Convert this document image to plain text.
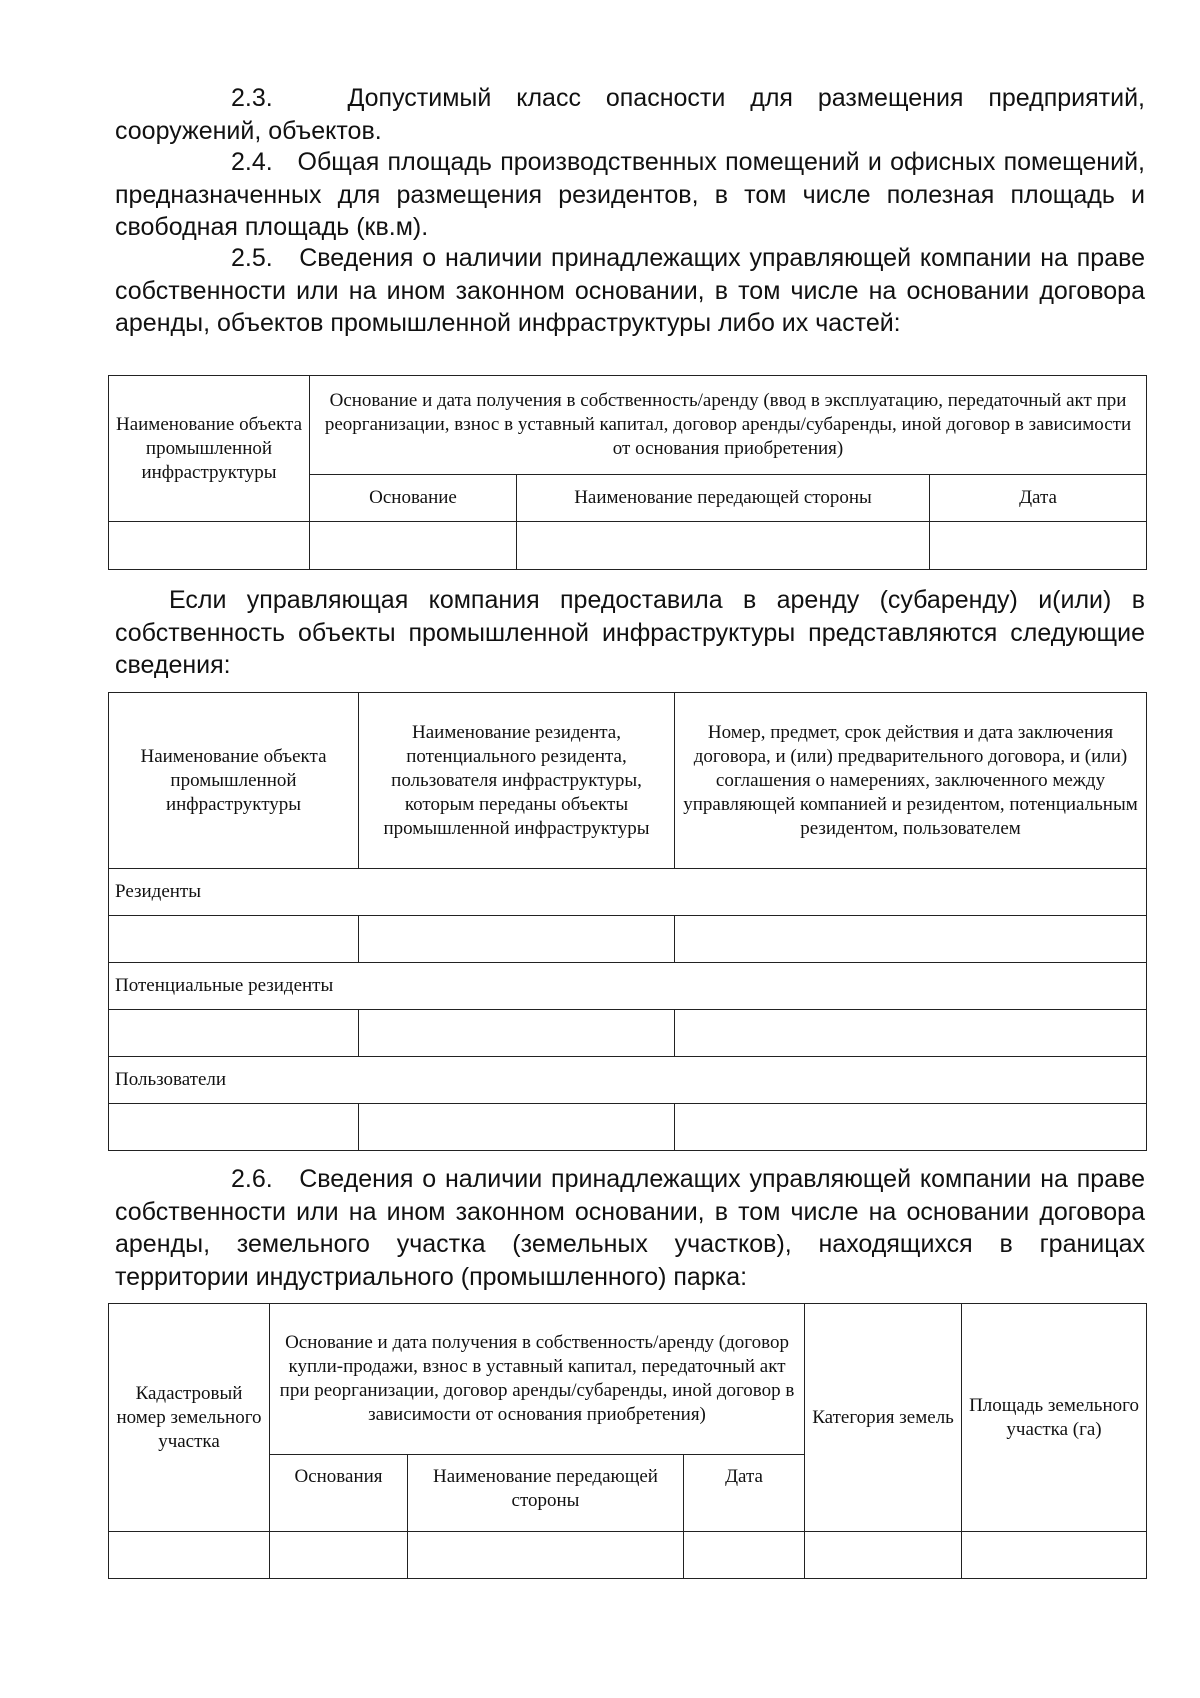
2.3.	Допустимый класс опасности для размещения предприятий, сооружений, объектов.

2.4. Общая площадь производственных помещений и офисных помещений, предназначенных для размещения резидентов, в том числе полезная площадь и свободная площадь (кв.м).

2.5. Сведения о наличии принадлежащих управляющей компании на праве собственности или на ином законном основании, в том числе на основании договора аренды, объектов промышленной инфраструктуры либо их частей:

Наименование объекта промышленной инфраструктуры	Основание и дата получения в собственность/аренду (ввод в эксплуатацию, передаточный акт при реорганизации, взнос в уставный капитал, договор аренды/субаренды, иной договор в зависимости от основания приобретения)		
	Основание	Наименование передающей стороны	Дата

Если управляющая компания предоставила в аренду (субаренду) и(или) в собственность объекты промышленной инфраструктуры представляются следующие сведения:

Наименование объекта промышленной инфраструктуры	Наименование резидента, потенциального резидента, пользователя инфраструктуры, которым переданы объекты промышленной инфраструктуры	Номер, предмет, срок действия и дата заключения договора, и (или) предварительного договора, и (или) соглашения о намерениях, заключенного между управляющей компанией и резидентом, потенциальным резидентом, пользователем
Резиденты		

Потенциальные резиденты		

Пользователи		

2.6. Сведения о наличии принадлежащих управляющей компании на праве собственности или на ином законном основании, в том числе на основании договора аренды, земельного участка (земельных участков), находящихся в границах территории индустриального (промышленного) парка:

Кадастровый номер земельного участка	Основание и дата получения в собственность/аренду (договор купли-продажи, взнос в уставный капитал, передаточный акт при реорганизации, договор аренды/субаренды, иной договор в зависимости от основания приобретения)			Категория земель	Площадь земельного участка (га)
	Основания	Наименование передающей стороны	Дата		
